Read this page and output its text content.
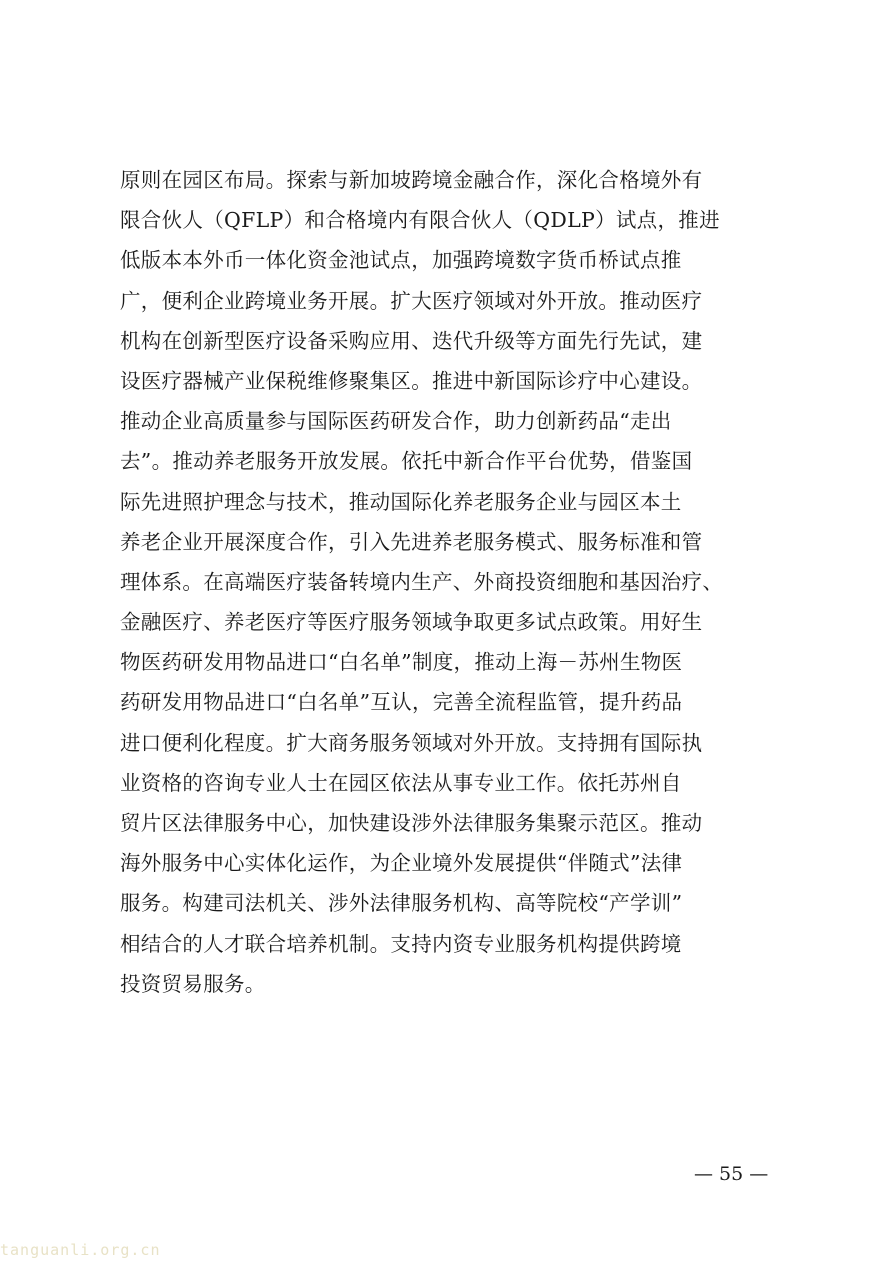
原则在园区布局。探索与新加坡跨境金融合作，深化合格境外有
限合伙人（QFLP）和合格境内有限合伙人（QDLP）试点，推进
低版本本外币一体化资金池试点，加强跨境数字货币桥试点推
广，便利企业跨境业务开展。扩大医疗领域对外开放。推动医疗
机构在创新型医疗设备采购应用、迭代升级等方面先行先试，建
设医疗器械产业保税维修聚集区。推进中新国际诊疗中心建设。
推动企业高质量参与国际医药研发合作，助力创新药品“走出
去”。推动养老服务开放发展。依托中新合作平台优势，借鉴国
际先进照护理念与技术，推动国际化养老服务企业与园区本土
养老企业开展深度合作，引入先进养老服务模式、服务标准和管
理体系。在高端医疗装备转境内生产、外商投资细胞和基因治疗、
金融医疗、养老医疗等医疗服务领域争取更多试点政策。用好生
物医药研发用物品进口“白名单”制度，推动上海－苏州生物医
药研发用物品进口“白名单”互认，完善全流程监管，提升药品
进口便利化程度。扩大商务服务领域对外开放。支持拥有国际执
业资格的咨询专业人士在园区依法从事专业工作。依托苏州自
贸片区法律服务中心，加快建设涉外法律服务集聚示范区。推动
海外服务中心实体化运作，为企业境外发展提供“伴随式”法律
服务。构建司法机关、涉外法律服务机构、高等院校“产学训”
相结合的人才联合培养机制。支持内资专业服务机构提供跨境
投资贸易服务。
— 55 —
tanguanli.org.cn
